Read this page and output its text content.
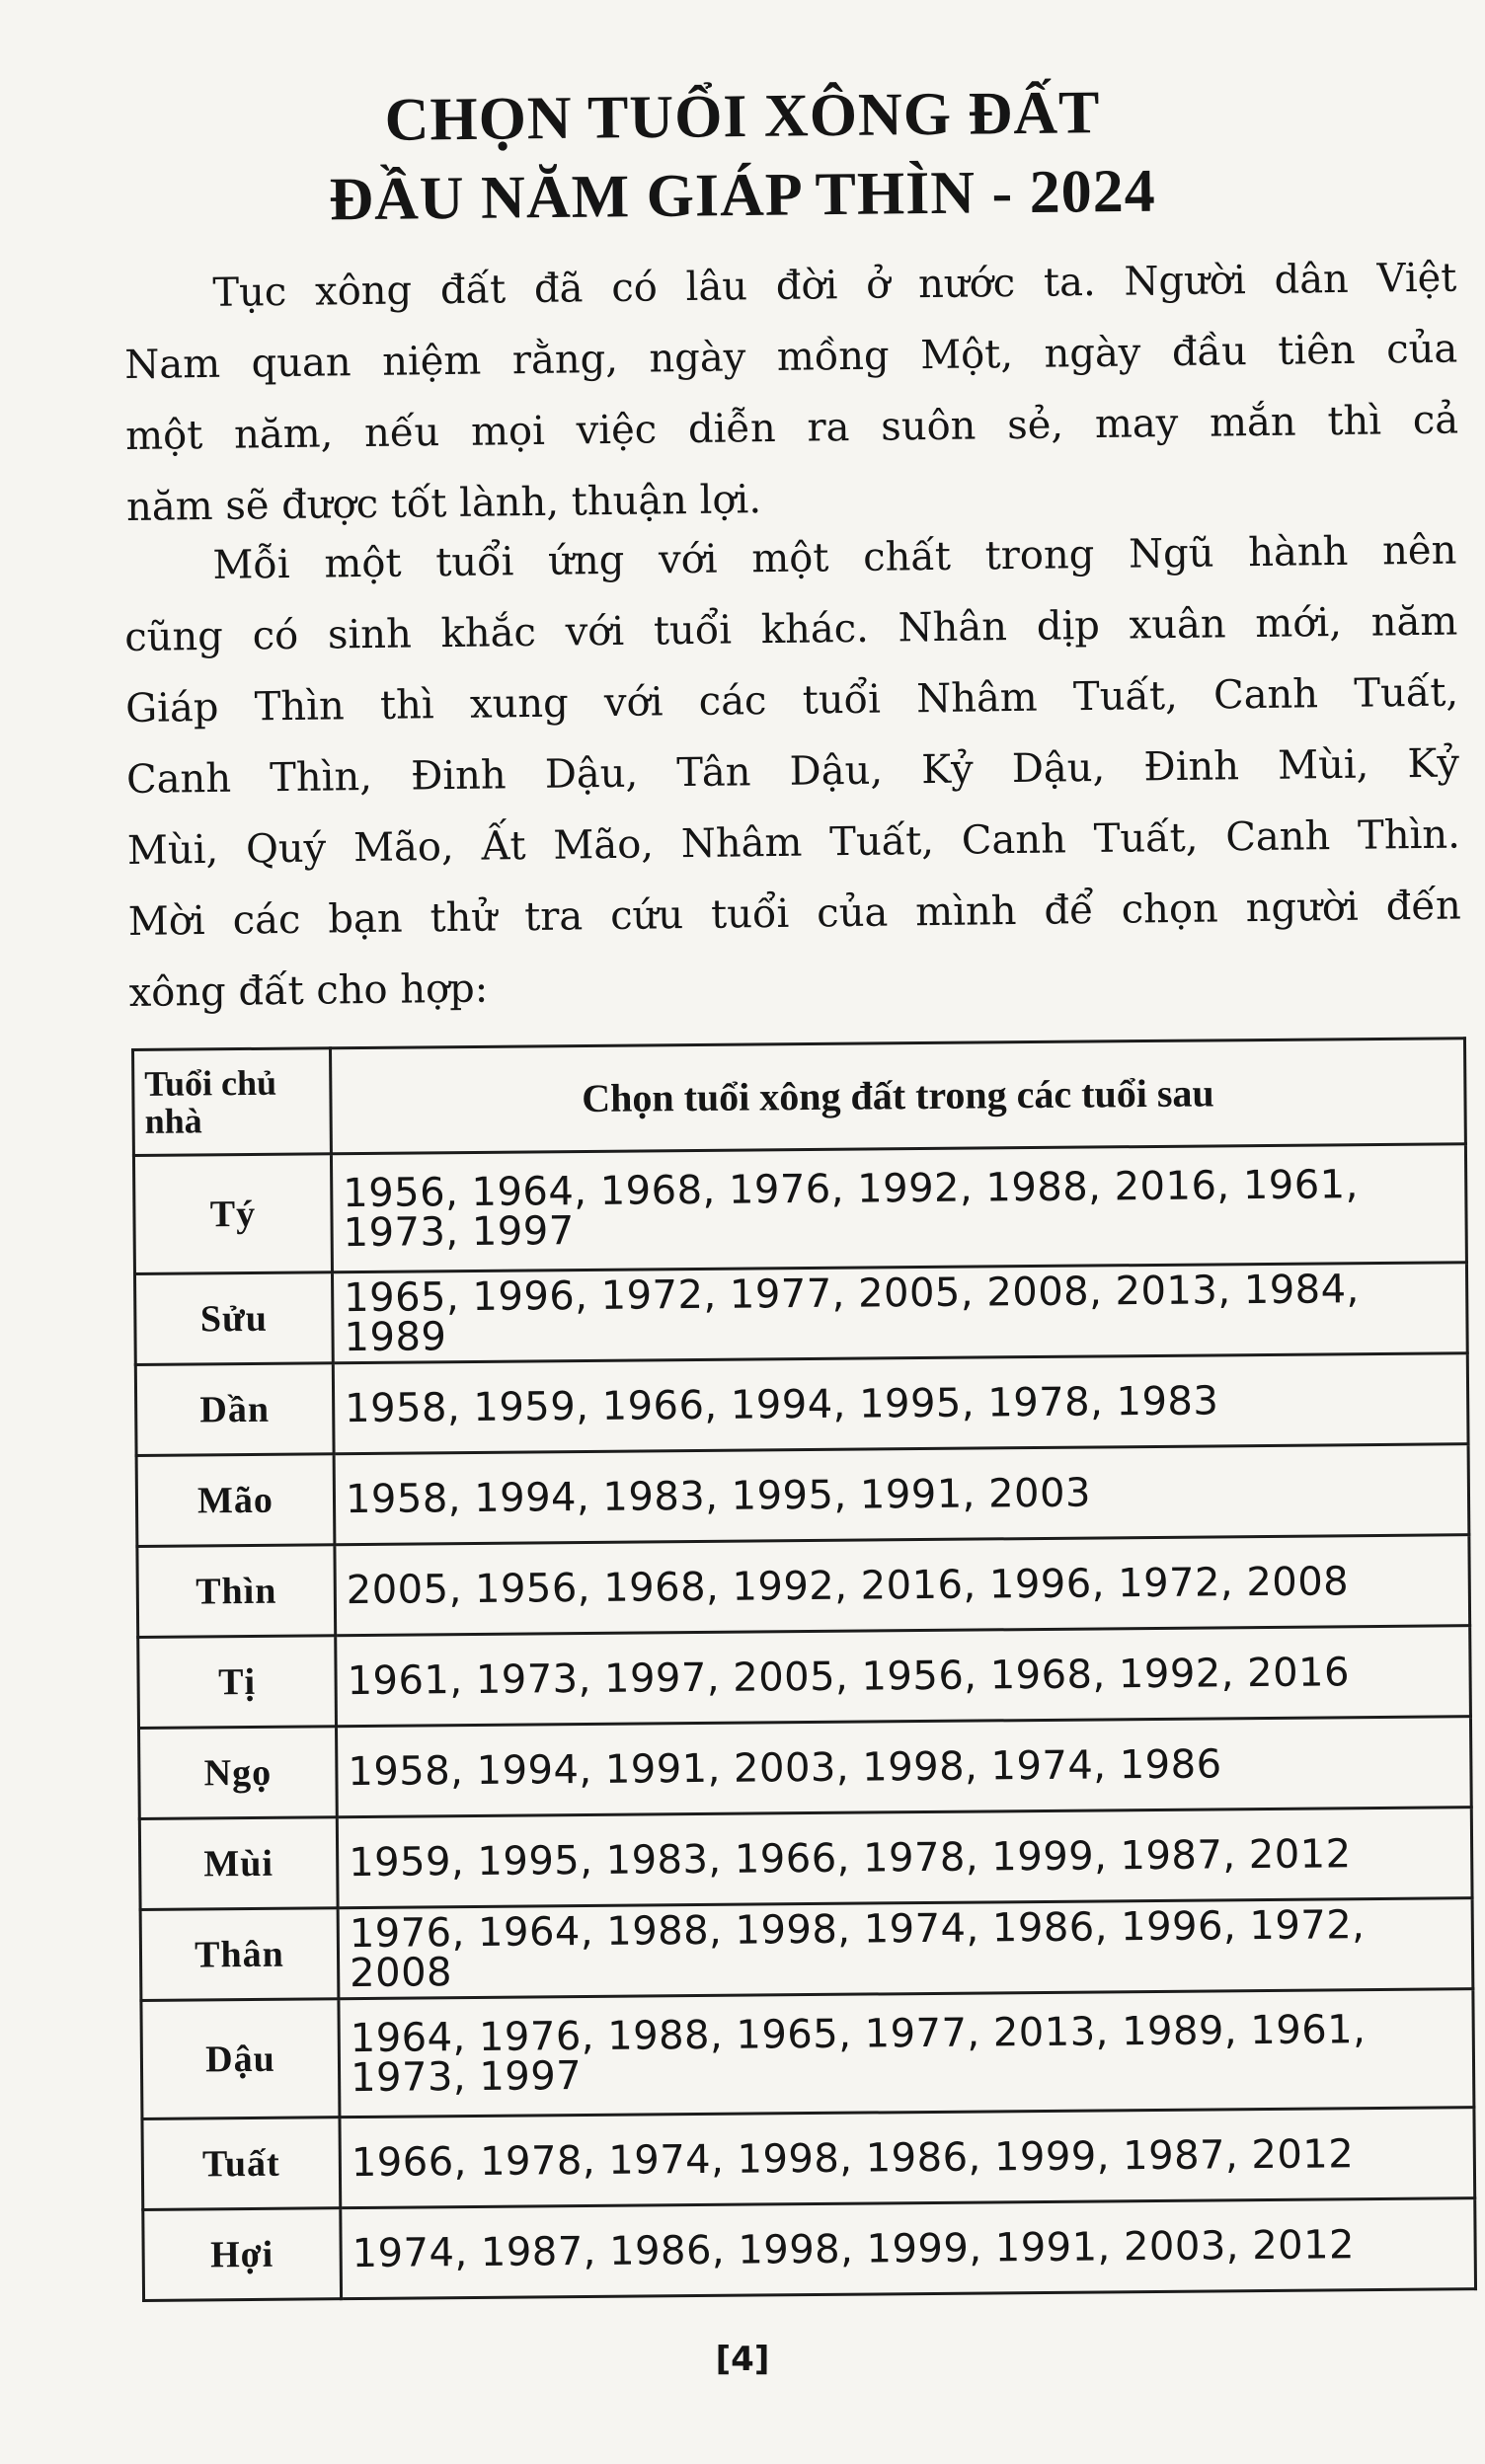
CHỌN TUỔI XÔNG ĐẤT
ĐẦU NĂM GIÁP THÌN - 2024
Tục xông đất đã có lâu đời ở nước ta. Người dân Việt
Nam quan niệm rằng, ngày mồng Một, ngày đầu tiên của
một năm, nếu mọi việc diễn ra suôn sẻ, may mắn thì cả
năm sẽ được tốt lành, thuận lợi.
Mỗi một tuổi ứng với một chất trong Ngũ hành nên
cũng có sinh khắc với tuổi khác. Nhân dịp xuân mới, năm
Giáp Thìn thì xung với các tuổi Nhâm Tuất, Canh Tuất,
Canh Thìn, Đinh Dậu, Tân Dậu, Kỷ Dậu, Đinh Mùi, Kỷ
Mùi, Quý Mão, Ất Mão, Nhâm Tuất, Canh Tuất, Canh Thìn.
Mời các bạn thử tra cứu tuổi của mình để chọn người đến
xông đất cho hợp:
Tuổi chủ nhà	Chọn tuổi xông đất trong các tuổi sau
Tý	1956, 1964, 1968, 1976, 1992, 1988, 2016, 1961, 1973, 1997
Sửu	1965, 1996, 1972, 1977, 2005, 2008, 2013, 1984, 1989
Dần	1958, 1959, 1966, 1994, 1995, 1978, 1983
Mão	1958, 1994, 1983, 1995, 1991, 2003
Thìn	2005, 1956, 1968, 1992, 2016, 1996, 1972, 2008
Tị	1961, 1973, 1997, 2005, 1956, 1968, 1992, 2016
Ngọ	1958, 1994, 1991, 2003, 1998, 1974, 1986
Mùi	1959, 1995, 1983, 1966, 1978, 1999, 1987, 2012
Thân	1976, 1964, 1988, 1998, 1974, 1986, 1996, 1972, 2008
Dậu	1964, 1976, 1988, 1965, 1977, 2013, 1989, 1961, 1973, 1997
Tuất	1966, 1978, 1974, 1998, 1986, 1999, 1987, 2012
Hợi	1974, 1987, 1986, 1998, 1999, 1991, 2003, 2012
[4]
